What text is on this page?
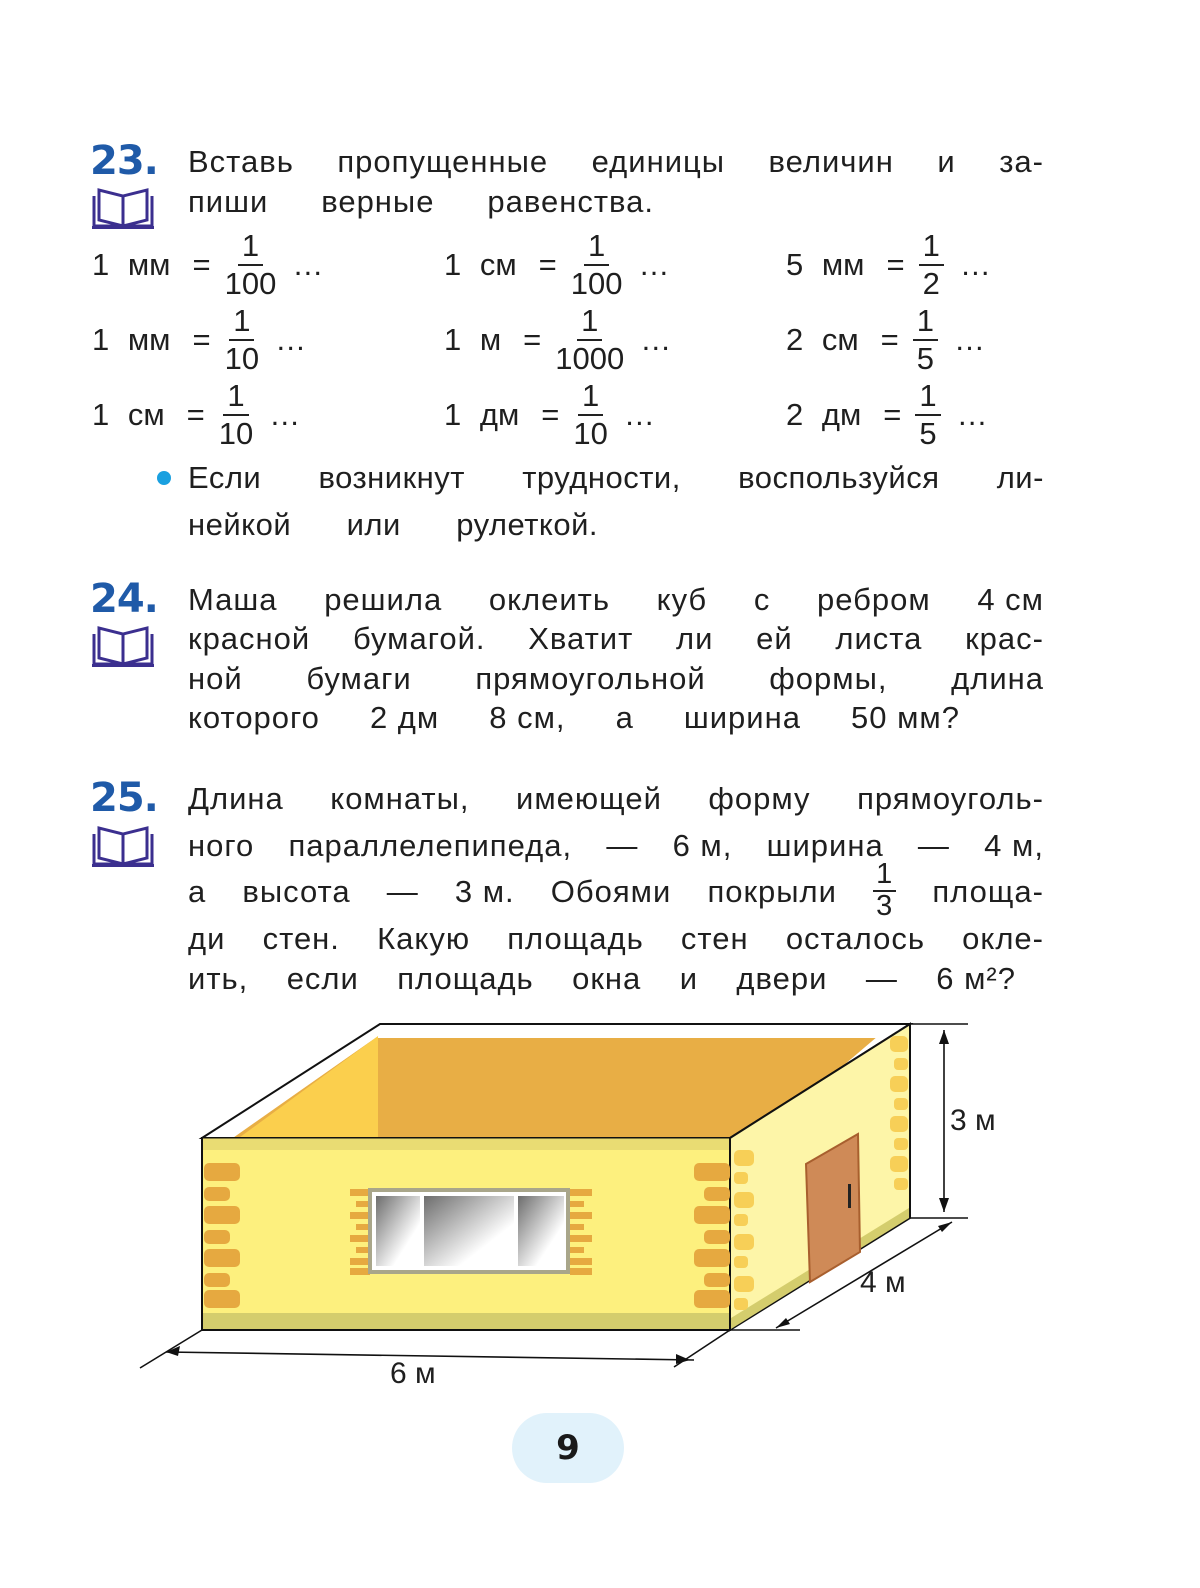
23. Вставь пропущенные единицы величин и за-
пиши верные равенства.
1 мм = $\frac{1}{100}$ …	1 см = $\frac{1}{100}$ …	5 мм = $\frac{1}{2}$ …
1 мм = $\frac{1}{10}$ …	1 $м = \frac{1}{1000}$ …	2 см = $\frac{1}{5}$ …
1 см = $\frac{1}{10}$ …	1 дм = $\frac{1}{10}$ …	2 дм = $\frac{1}{5}$ …
Если возникнут трудности, воспользуйся ли-
нейкой или рулеткой.
24. Маша решила оклеить куб с ребром 4 см
красной бумагой. Хватит ли ей листа крас-
ной бумаги прямоугольной формы, длина
которого 2 дм 8 см, а ширина 50 мм?
25. Длина комнаты, имеющей форму прямоуголь-
ного параллелепипеда, — 6 м, ширина — 4 м,
а высота — 3 м. Обоями покрыли $\frac{1}{3}$ площа-
ди стен. Какую площадь стен осталось окле-
ить, если площадь окна и двери — 6 м²?
6 м
4 м
3 м
9
